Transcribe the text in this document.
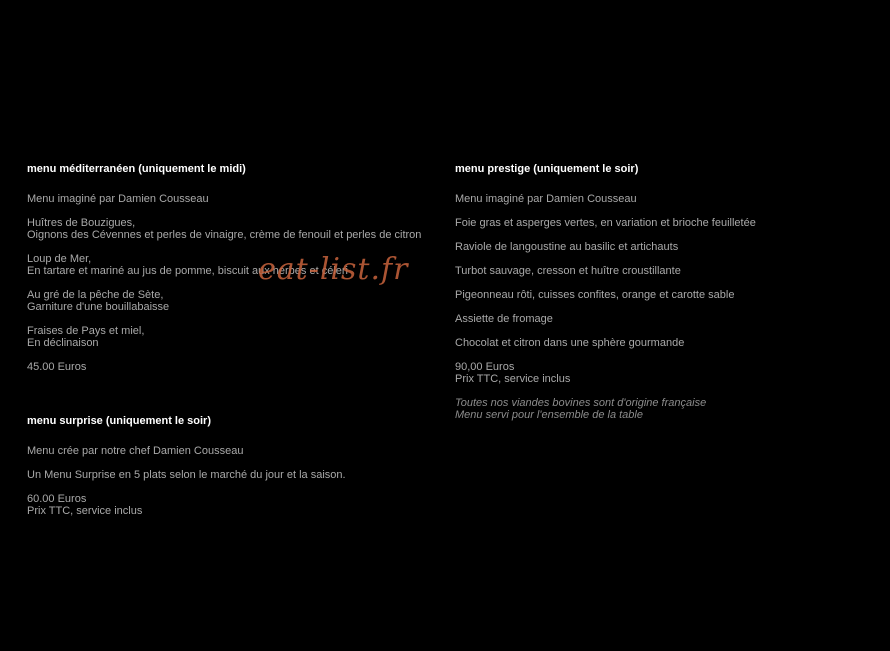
menu méditerranéen (uniquement le midi)

Menu imaginé par Damien Cousseau

Huîtres de Bouzigues,
Oignons des Cévennes et perles de vinaigre, crème de fenouil et perles de citron

Loup de Mer,
En tartare et mariné au jus de pomme, biscuit aux herbes et céleri

Au gré de la pêche de Sète,
Garniture d'une bouillabaisse

Fraises de Pays et miel,
En déclinaison

45.00 Euros

menu surprise (uniquement le soir)

Menu crée par notre chef Damien Cousseau

Un Menu Surprise en 5 plats selon le marché du jour et la saison.

60.00 Euros
Prix TTC, service inclus

menu prestige (uniquement le soir)

Menu imaginé par Damien Cousseau

Foie gras et asperges vertes, en variation et brioche feuilletée

Raviole de langoustine au basilic et artichauts

Turbot sauvage, cresson et huître croustillante

Pigeonneau rôti, cuisses confites, orange et carotte sable

Assiette de fromage

Chocolat et citron dans une sphère gourmande

90,00 Euros
Prix TTC, service inclus

Toutes nos viandes bovines sont d'origine française
Menu servi pour l'ensemble de la table

eat-list.fr
